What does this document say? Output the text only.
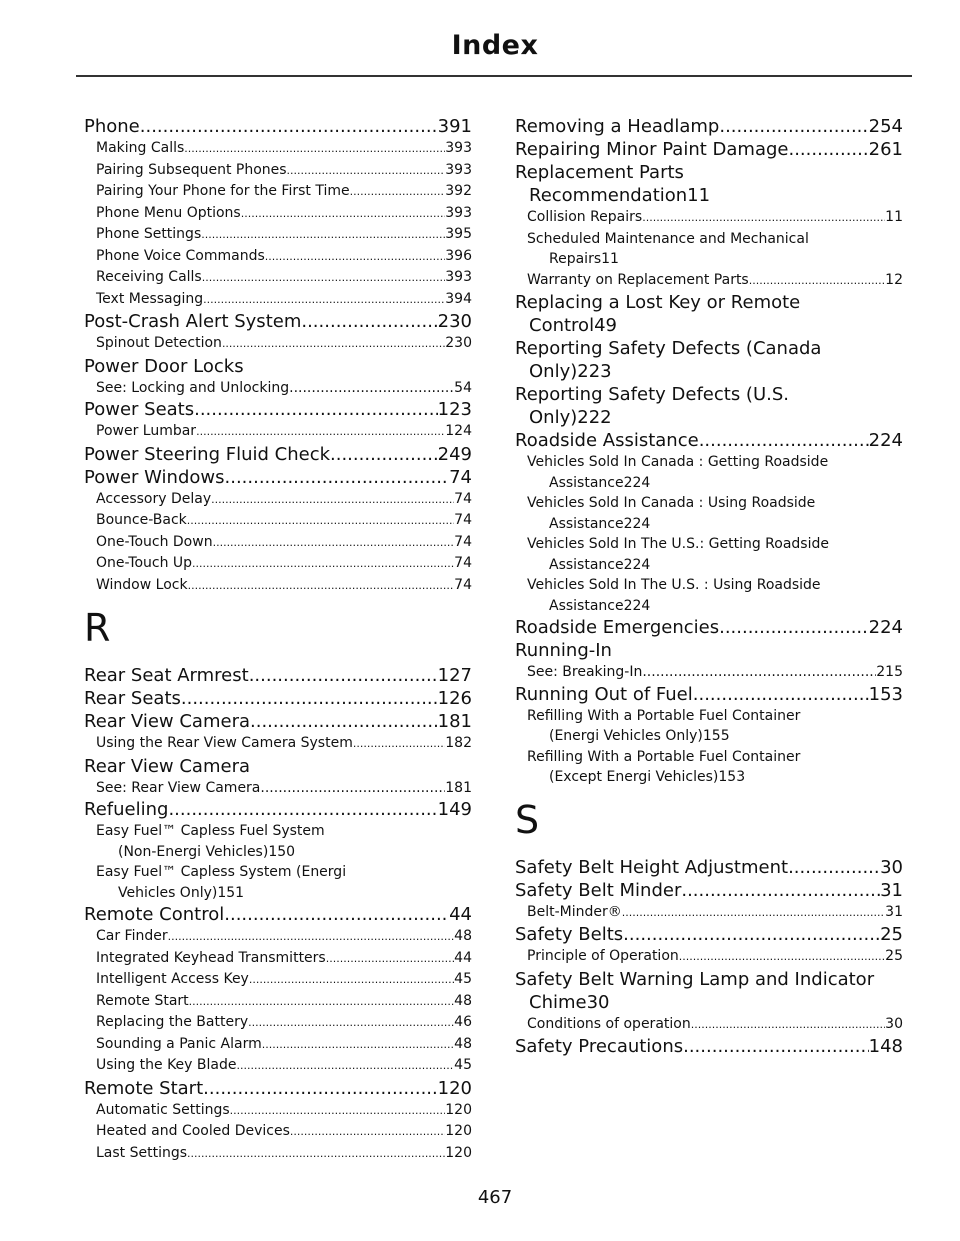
Index
Phone .....	391
Making Calls .....	393
Pairing Subsequent Phones .....	393
Pairing Your Phone for the First Time .....	392
Phone Menu Options .....	393
Phone Settings .....	395
Phone Voice Commands .....	396
Receiving Calls .....	393
Text Messaging .....	394
Post-Crash Alert System .....	230
Spinout Detection .....	230
Power Door Locks
See: Locking and Unlocking .....	54
Power Seats .....	123
Power Lumbar .....	124
Power Steering Fluid Check .....	249
Power Windows .....	74
Accessory Delay .....	74
Bounce-Back .....	74
One-Touch Down .....	74
One-Touch Up .....	74
Window Lock .....	74
R
Rear Seat Armrest .....	127
Rear Seats .....	126
Rear View Camera .....	181
Using the Rear View Camera System .....	182
Rear View Camera
See: Rear View Camera .....	181
Refueling .....	149
Easy Fuel™ Capless Fuel System
(Non-Energi Vehicles) 150
Easy Fuel™ Capless System (Energi
Vehicles Only) 151
Remote Control .....	44
Car Finder .....	48
Integrated Keyhead Transmitters .....	44
Intelligent Access Key .....	45
Remote Start .....	48
Replacing the Battery .....	46
Sounding a Panic Alarm .....	48
Using the Key Blade .....	45
Remote Start .....	120
Automatic Settings .....	120
Heated and Cooled Devices .....	120
Last Settings .....	120
Removing a Headlamp .....	254
Repairing Minor Paint Damage .....	261
Replacement Parts
Recommendation 11
Collision Repairs .....	11
Scheduled Maintenance and Mechanical
Repairs 11
Warranty on Replacement Parts .....	12
Replacing a Lost Key or Remote
Control 49
Reporting Safety Defects (Canada
Only) 223
Reporting Safety Defects (U.S.
Only) 222
Roadside Assistance .....	224
Vehicles Sold In Canada : Getting Roadside
Assistance 224
Vehicles Sold In Canada : Using Roadside
Assistance 224
Vehicles Sold In The U.S.: Getting Roadside
Assistance 224
Vehicles Sold In The U.S. : Using Roadside
Assistance 224
Roadside Emergencies .....	224
Running-In
See: Breaking-In .....	215
Running Out of Fuel .....	153
Refilling With a Portable Fuel Container
(Energi Vehicles Only) 155
Refilling With a Portable Fuel Container
(Except Energi Vehicles) 153
S
Safety Belt Height Adjustment .....	30
Safety Belt Minder .....	31
Belt-Minder® .....	31
Safety Belts .....	25
Principle of Operation .....	25
Safety Belt Warning Lamp and Indicator
Chime 30
Conditions of operation .....	30
Safety Precautions .....	148
467
